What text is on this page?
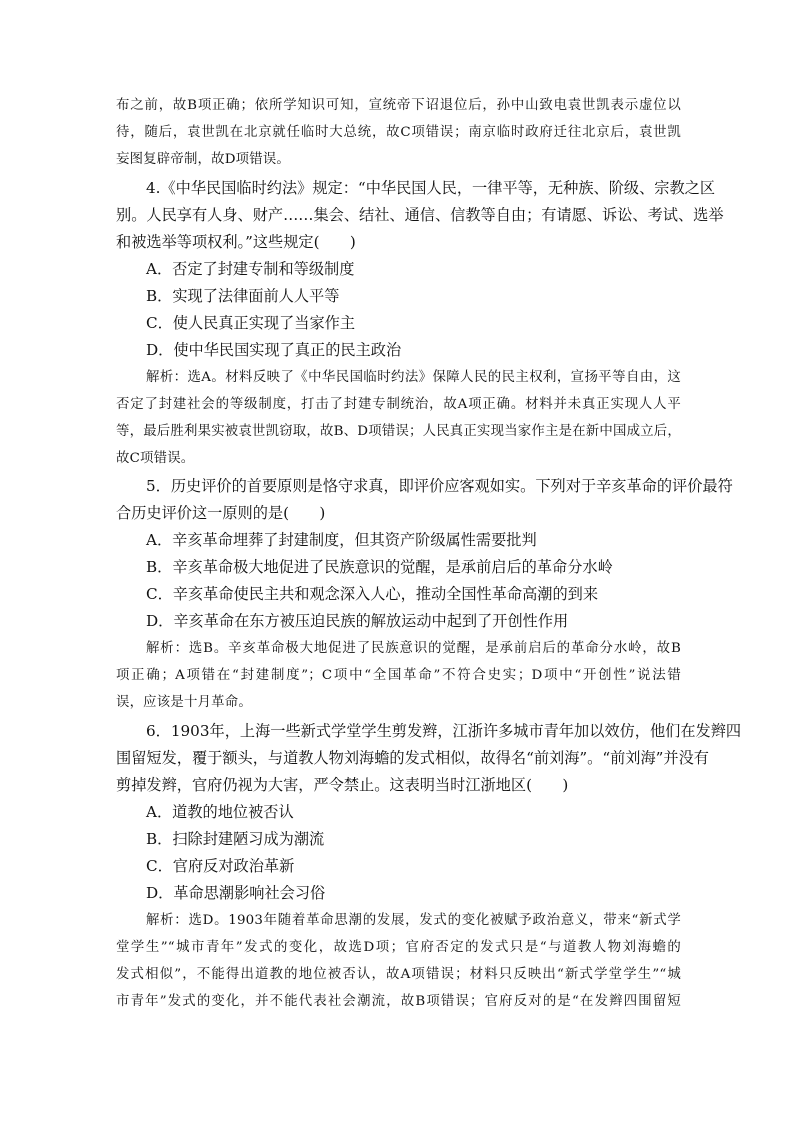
布之前，故B项正确；依所学知识可知，宣统帝下诏退位后，孙中山致电袁世凯表示虚位以
待，随后，袁世凯在北京就任临时大总统，故C项错误；南京临时政府迁往北京后，袁世凯
妄图复辟帝制，故D项错误。
4.《中华民国临时约法》规定：“中华民国人民，一律平等，无种族、阶级、宗教之区
别。人民享有人身、财产……集会、结社、通信、信教等自由；有请愿、诉讼、考试、选举
和被选举等项权利。”这些规定(　　)
A．否定了封建专制和等级制度
B．实现了法律面前人人平等
C．使人民真正实现了当家作主
D．使中华民国实现了真正的民主政治
解析：选A。材料反映了《中华民国临时约法》保障人民的民主权利，宣扬平等自由，这
否定了封建社会的等级制度，打击了封建专制统治，故A项正确。材料并未真正实现人人平
等，最后胜利果实被袁世凯窃取，故B、D项错误；人民真正实现当家作主是在新中国成立后，
故C项错误。
5．历史评价的首要原则是恪守求真，即评价应客观如实。下列对于辛亥革命的评价最符
合历史评价这一原则的是(　　)
A．辛亥革命埋葬了封建制度，但其资产阶级属性需要批判
B．辛亥革命极大地促进了民族意识的觉醒，是承前启后的革命分水岭
C．辛亥革命使民主共和观念深入人心，推动全国性革命高潮的到来
D．辛亥革命在东方被压迫民族的解放运动中起到了开创性作用
解析：选B。辛亥革命极大地促进了民族意识的觉醒，是承前启后的革命分水岭，故B
项正确；A项错在“封建制度”；C项中“全国革命”不符合史实；D项中“开创性”说法错
误，应该是十月革命。
6．1903年，上海一些新式学堂学生剪发辫，江浙许多城市青年加以效仿，他们在发辫四
围留短发，覆于额头，与道教人物刘海蟾的发式相似，故得名“前刘海”。“前刘海”并没有
剪掉发辫，官府仍视为大害，严令禁止。这表明当时江浙地区(　　)
A．道教的地位被否认
B．扫除封建陋习成为潮流
C．官府反对政治革新
D．革命思潮影响社会习俗
解析：选D。1903年随着革命思潮的发展，发式的变化被赋予政治意义，带来“新式学
堂学生”“城市青年”发式的变化，故选D项；官府否定的发式只是“与道教人物刘海蟾的
发式相似”，不能得出道教的地位被否认，故A项错误；材料只反映出“新式学堂学生”“城
市青年”发式的变化，并不能代表社会潮流，故B项错误；官府反对的是“在发辫四围留短
